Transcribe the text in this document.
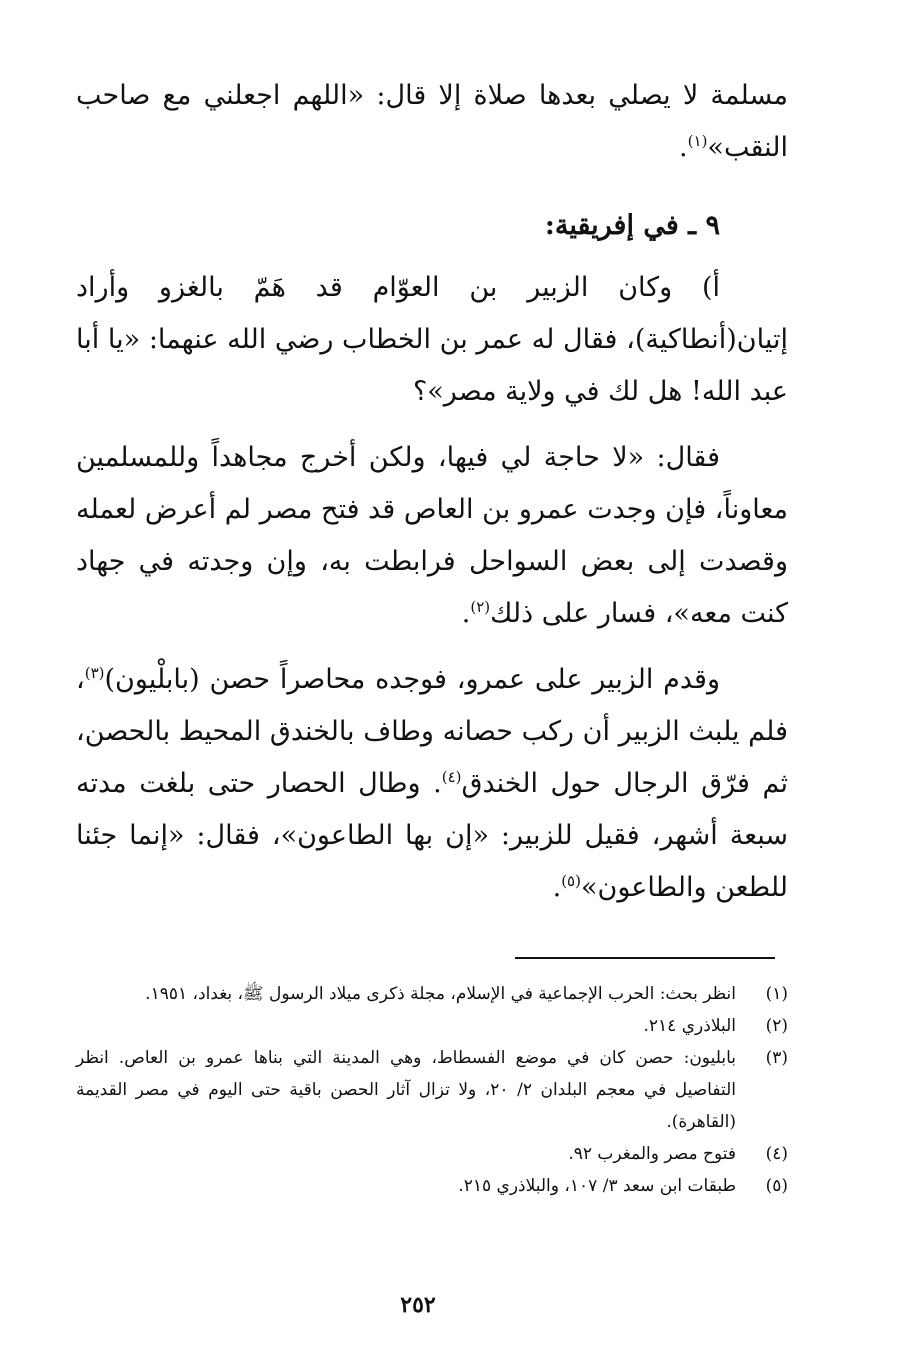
مسلمة لا يصلي بعدها صلاة إلا قال: «اللهم اجعلني مع صاحب النقب»$^{(١)}$.

٩ ـ في إفريقية:

أ) وكان الزبير بن العوّام قد هَمّ بالغزو وأراد إتيان(أنطاكية)، فقال له عمر بن الخطاب رضي الله عنهما: «يا أبا عبد الله! هل لك في ولاية مصر»؟

فقال: «لا حاجة لي فيها، ولكن أخرج مجاهداً وللمسلمين معاوناً، فإن وجدت عمرو بن العاص قد فتح مصر لم أعرض لعمله وقصدت إلى بعض السواحل فرابطت به، وإن وجدته في جهاد كنت معه»، فسار على ذلك$^{(٢)}$.

وقدم الزبير على عمرو، فوجده محاصراً حصن (بابلْيون)$^{(٣)}$، فلم يلبث الزبير أن ركب حصانه وطاف بالخندق المحيط بالحصن، ثم فرّق الرجال حول الخندق$^{(٤)}$. وطال الحصار حتى بلغت مدته سبعة أشهر، فقيل للزبير: «إن بها الطاعون»، فقال: «إنما جئنا للطعن والطاعون»$^{(٥)}$.

(١)
انظر بحث: الحرب الإجماعية في الإسلام، مجلة ذكرى ميلاد الرسول ﷺ، بغداد، ١٩٥١.
(٢)
البلاذري ٢١٤.
(٣)
بابليون: حصن كان في موضع الفسطاط، وهي المدينة التي بناها عمرو بن العاص. انظر التفاصيل في معجم البلدان ٢/ ٢٠، ولا تزال آثار الحصن باقية حتى اليوم في مصر القديمة (القاهرة).
(٤)
فتوح مصر والمغرب ٩٢.
(٥)
طبقات ابن سعد ٣/ ١٠٧، والبلاذري ٢١٥.
٢٥٢
